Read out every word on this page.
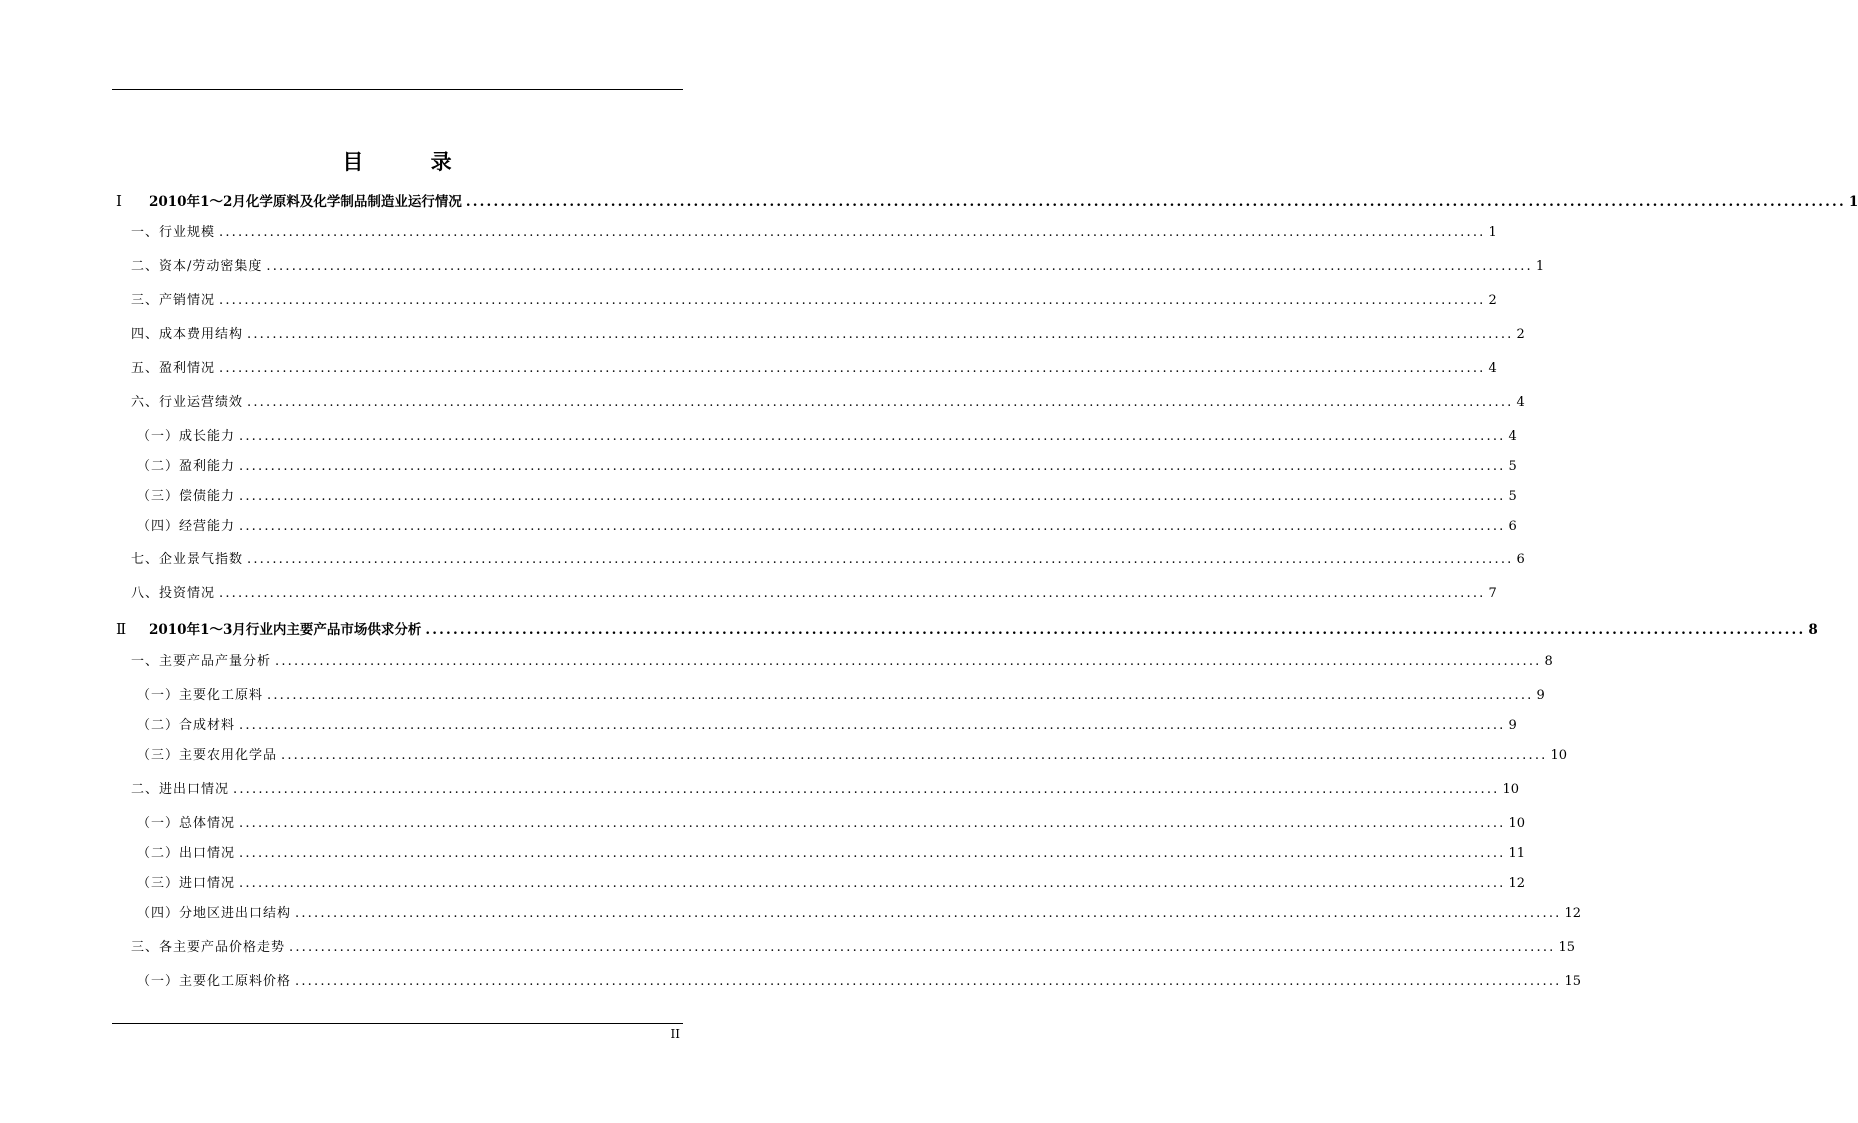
目 录
Ⅰ 2010年1～2月化学原料及化学制品制造业运行情况 ........................................................................................................................................................................................................ 1
一、行业规模 ........................................................................................................................................................................................................ 1
二、资本/劳动密集度 ........................................................................................................................................................................................................ 1
三、产销情况 ........................................................................................................................................................................................................ 2
四、成本费用结构 ........................................................................................................................................................................................................ 2
五、盈利情况 ........................................................................................................................................................................................................ 4
六、行业运营绩效 ........................................................................................................................................................................................................ 4
（一）成长能力 ........................................................................................................................................................................................................ 4
（二）盈利能力 ........................................................................................................................................................................................................ 5
（三）偿债能力 ........................................................................................................................................................................................................ 5
（四）经营能力 ........................................................................................................................................................................................................ 6
七、企业景气指数 ........................................................................................................................................................................................................ 6
八、投资情况 ........................................................................................................................................................................................................ 7
Ⅱ 2010年1～3月行业内主要产品市场供求分析 ........................................................................................................................................................................................................ 8
一、主要产品产量分析 ........................................................................................................................................................................................................ 8
（一）主要化工原料 ........................................................................................................................................................................................................ 9
（二）合成材料 ........................................................................................................................................................................................................ 9
（三）主要农用化学品 ........................................................................................................................................................................................................ 10
二、进出口情况 ........................................................................................................................................................................................................ 10
（一）总体情况 ........................................................................................................................................................................................................ 10
（二）出口情况 ........................................................................................................................................................................................................ 11
（三）进口情况 ........................................................................................................................................................................................................ 12
（四）分地区进出口结构 ........................................................................................................................................................................................................ 12
三、各主要产品价格走势 ........................................................................................................................................................................................................ 15
（一）主要化工原料价格 ........................................................................................................................................................................................................ 15
II
